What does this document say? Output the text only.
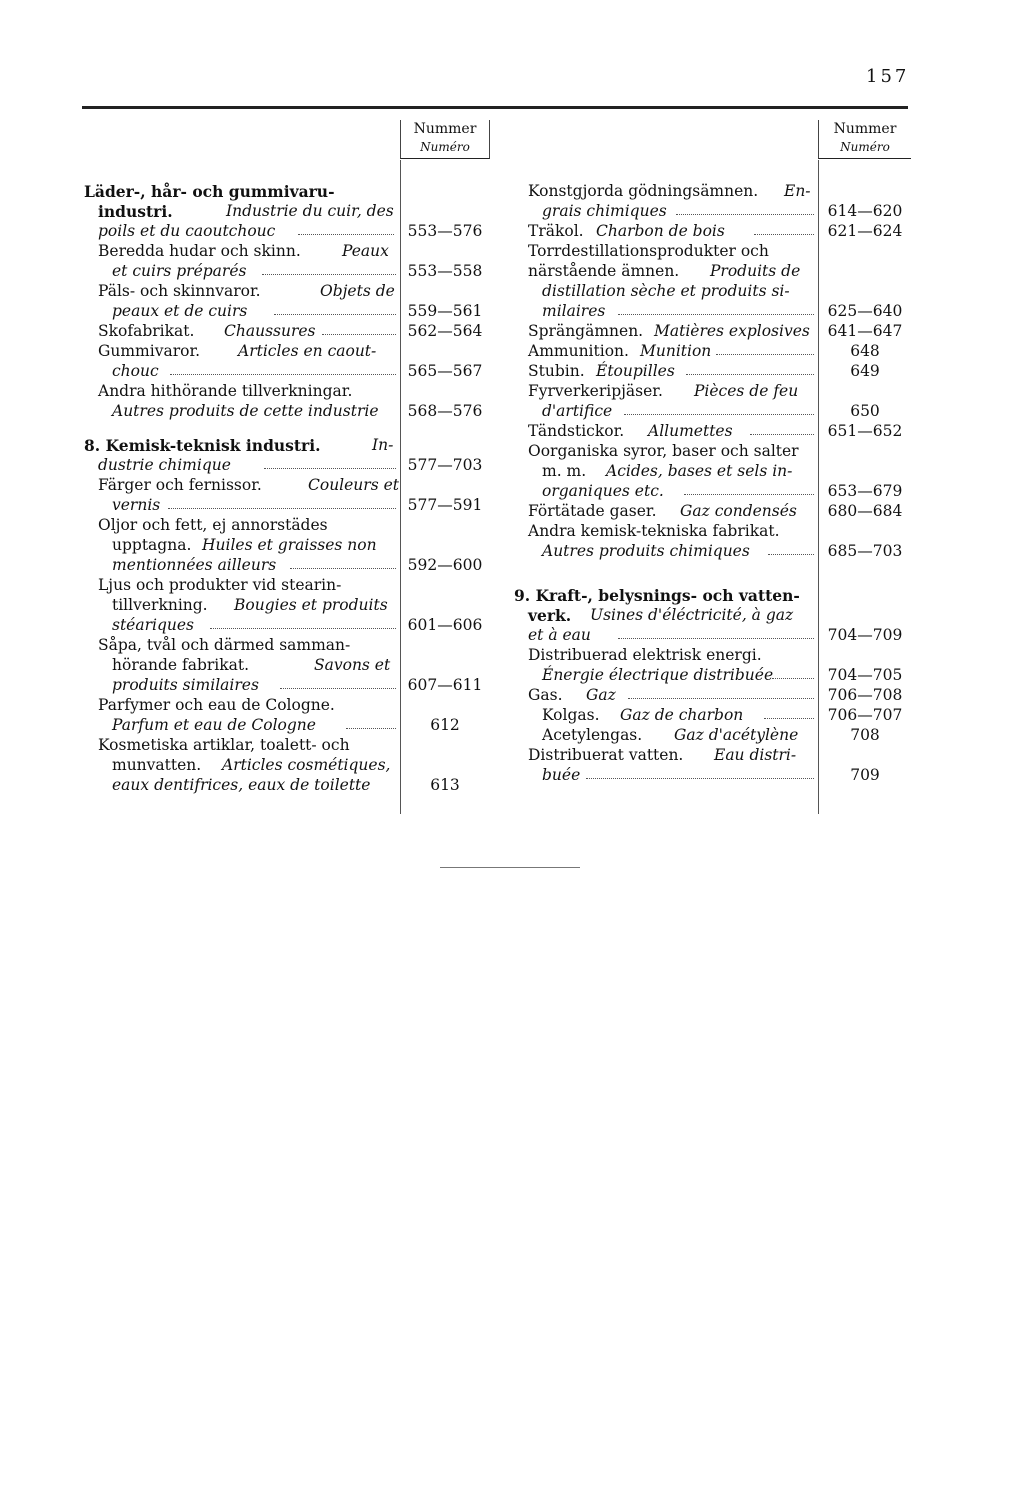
157
Nummer
Numéro
Läder-, hår- och gummivaru-
industri.	Industrie du cuir, des
poils et du caoutchouc	553—576
Beredda hudar och skinn.	Peaux
et cuirs préparés	553—558
Päls- och skinnvaror.	Objets de
peaux et de cuirs	559—561
Skofabrikat. Chaussures	562—564
Gummivaror. Articles en caout-
chouc	565—567
Andra hithörande tillverkningar.
Autres produits de cette industrie	568—576
8. Kemisk-teknisk industri.	In-
dustrie chimique	577—703
Färger och fernissor.	Couleurs et
vernis	577—591
Oljor och fett, ej annorstädes
upptagna. Huiles et graisses non
mentionnées ailleurs	592—600
Ljus och produkter vid stearin-
tillverkning. Bougies et produits
stéariques	601—606
Såpa, tvål och därmed samman-
hörande fabrikat.	Savons et
produits similaires	607—611
Parfymer och eau de Cologne.
Parfum et eau de Cologne	612
Kosmetiska artiklar, toalett- och
munvatten. Articles cosmétiques,
eaux dentifrices, eaux de toilette	613
Nummer
Numéro
Konstgjorda gödningsämnen. En-
grais chimiques	614—620
Träkol. Charbon de bois	621—624
Torrdestillationsprodukter och
närstående ämnen. Produits de
distillation sèche et produits si-
milaires	625—640
Sprängämnen. Matières explosives	641—647
Ammunition. Munition	648
Stubin. Étoupilles	649
Fyrverkeripjäser. Pièces de feu
d'artifice	650
Tändstickor. Allumettes	651—652
Oorganiska syror, baser och salter
m. m. Acides, bases et sels in-
organiques etc.	653—679
Förtätade gaser. Gaz condensés	680—684
Andra kemisk-tekniska fabrikat.
Autres produits chimiques	685—703
9. Kraft-, belysnings- och vatten-
verk. Usines d'éléctricité, à gaz
et à eau	704—709
Distribuerad elektrisk energi.
Énergie électrique distribuée	704—705
Gas. Gaz	706—708
Kolgas. Gaz de charbon	706—707
Acetylengas. Gaz d'acétylène	708
Distribuerat vatten. Eau distri-
buée	709
